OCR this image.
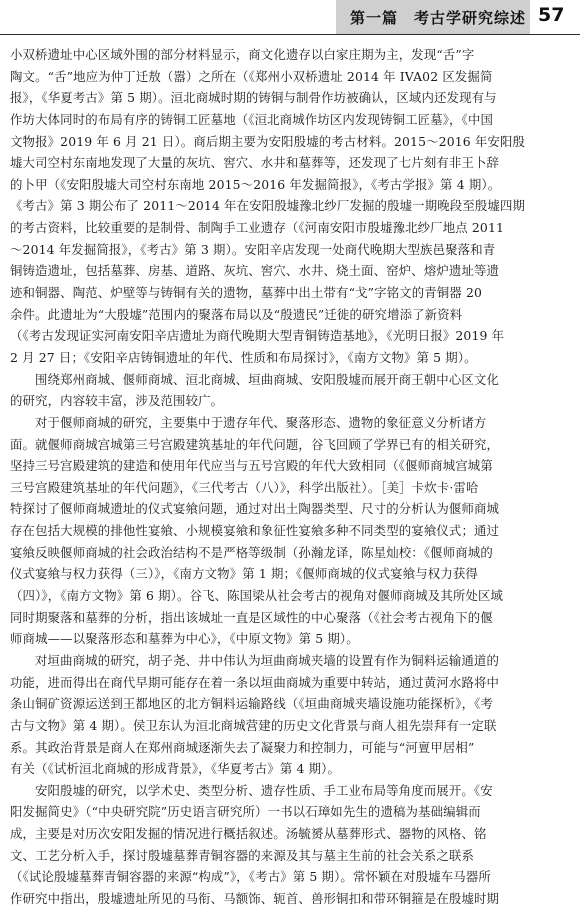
第一篇　考古学研究综述 57
小双桥遗址中心区域外围的部分材料显示，商文化遗存以白家庄期为主，发现“舌”字
陶文。“舌”地应为仲丁迁敖（嚣）之所在（《郑州小双桥遗址 2014 年 IVA02 区发掘简
报》，《华夏考古》第 5 期）。洹北商城时期的铸铜与制骨作坊被确认，区域内还发现有与
作坊大体同时的布局有序的铸铜工匠墓地（《洹北商城作坊区内发现铸铜工匠墓》，《中国
文物报》2019 年 6 月 21 日）。商后期主要为安阳殷墟的考古材料。2015～2016 年安阳殷
墟大司空村东南地发现了大量的灰坑、窖穴、水井和墓葬等，还发现了七片刻有非王卜辞
的卜甲（《安阳殷墟大司空村东南地 2015～2016 年发掘简报》，《考古学报》第 4 期）。
《考古》第 3 期公布了 2011～2014 年在安阳殷墟豫北纱厂发掘的殷墟一期晚段至殷墟四期
的考古资料，比较重要的是制骨、制陶手工业遗存（《河南安阳市殷墟豫北纱厂地点 2011
～2014 年发掘简报》，《考古》第 3 期）。安阳辛店发现一处商代晚期大型族邑聚落和青
铜铸造遗址，包括墓葬、房基、道路、灰坑、窖穴、水井、烧土面、窑炉、熔炉遗址等遗
迹和铜器、陶范、炉壁等与铸铜有关的遗物，墓葬中出土带有“戈”字铭文的青铜器 20
余件。此遗址为“大殷墟”范围内的聚落布局以及“殷遗民”迁徙的研究增添了新资料
（《考古发现证实河南安阳辛店遗址为商代晚期大型青铜铸造基地》，《光明日报》2019 年
2 月 27 日；《安阳辛店铸铜遗址的年代、性质和布局探讨》，《南方文物》第 5 期）。
围绕郑州商城、偃师商城、洹北商城、垣曲商城、安阳殷墟而展开商王朝中心区文化
的研究，内容较丰富，涉及范围较广。
对于偃师商城的研究，主要集中于遗存年代、聚落形态、遗物的象征意义分析诸方
面。就偃师商城宫城第三号宫殿建筑基址的年代问题，谷飞回顾了学界已有的相关研究，
坚持三号宫殿建筑的建造和使用年代应当与五号宫殿的年代大致相同（《偃师商城宫城第
三号宫殿建筑基址的年代问题》，《三代考古（八）》，科学出版社）。［美］卡炊卡·雷哈
特探讨了偃师商城遗址的仪式宴飨问题，通过对出土陶器类型、尺寸的分析认为偃师商城
存在包括大规模的排他性宴飨、小规模宴飨和象征性宴飨多种不同类型的宴飨仪式；通过
宴飨反映偃师商城的社会政治结构不是严格等级制（孙瀚龙译，陈星灿校：《偃师商城的
仪式宴飨与权力获得（三）》，《南方文物》第 1 期；《偃师商城的仪式宴飨与权力获得
（四）》，《南方文物》第 6 期）。谷飞、陈国梁从社会考古的视角对偃师商城及其所处区域
同时期聚落和墓葬的分析，指出该城址一直是区域性的中心聚落（《社会考古视角下的偃
师商城——以聚落形态和墓葬为中心》，《中原文物》第 5 期）。
对垣曲商城的研究，胡子尧、井中伟认为垣曲商城夹墙的设置有作为铜料运输通道的
功能，进而得出在商代早期可能存在着一条以垣曲商城为重要中转站，通过黄河水路将中
条山铜矿资源运送到王都地区的北方铜料运输路线（《垣曲商城夹墙设施功能探析》，《考
古与文物》第 4 期）。侯卫东认为洹北商城营建的历史文化背景与商人祖先崇拜有一定联
系。其政治背景是商人在郑州商城逐渐失去了凝聚力和控制力，可能与“河亶甲居相”
有关（《试析洹北商城的形成背景》，《华夏考古》第 4 期）。
安阳殷墟的研究，以学术史、类型分析、遗存性质、手工业布局等角度而展开。《安
阳发掘简史》（“中央研究院”历史语言研究所）一书以石璋如先生的遗稿为基础编辑而
成，主要是对历次安阳发掘的情况进行概括叙述。汤毓赟从墓葬形式、器物的风格、铭
文、工艺分析入手，探讨殷墟墓葬青铜容器的来源及其与墓主生前的社会关系之联系
（《试论殷墟墓葬青铜容器的来源“构成”》，《考古》第 5 期）。常怀颖在对殷墟车马器所
作研究中指出，殷墟遗址所见的马衔、马额饰、轭首、兽形铜扣和带环铜箍是在殷墟时期
